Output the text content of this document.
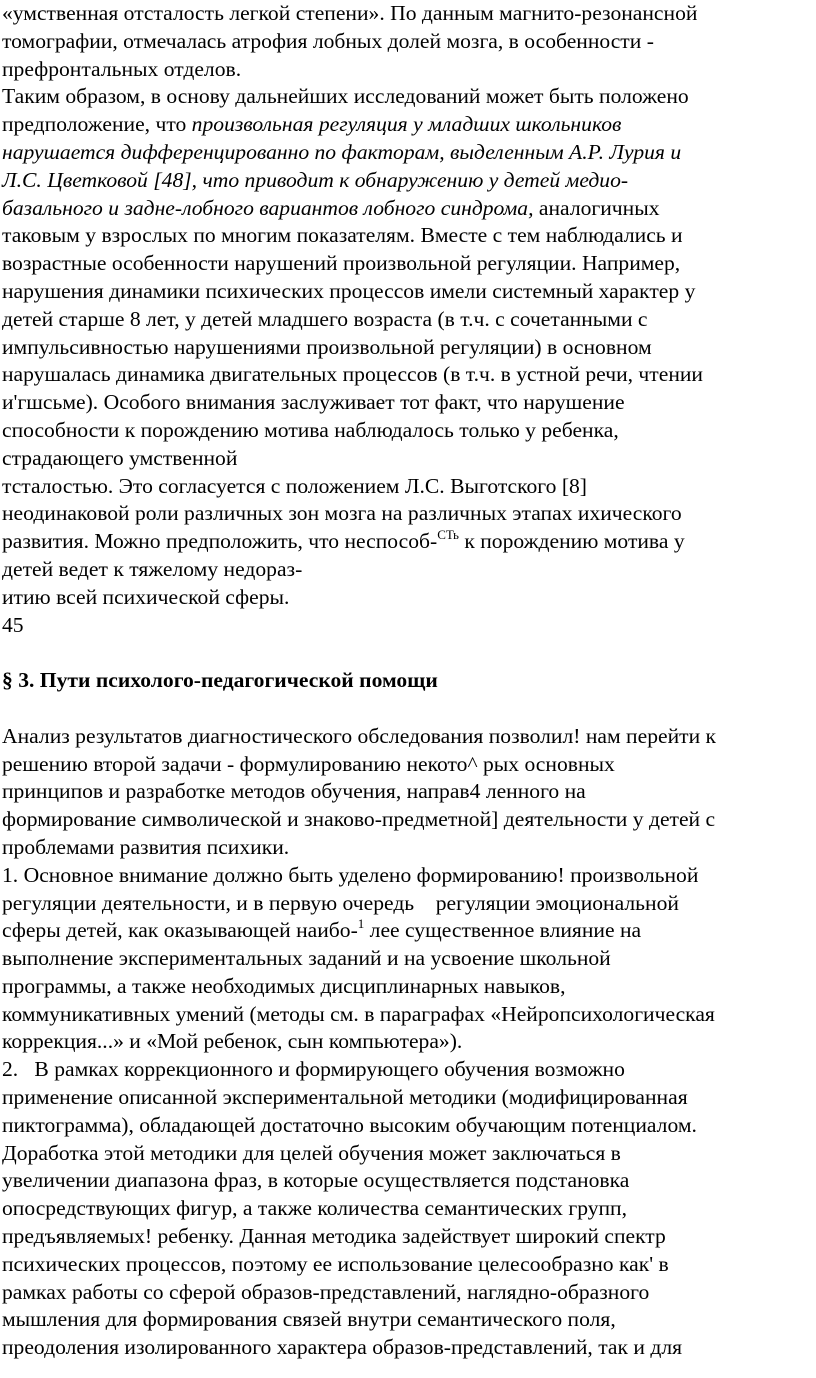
«умственная отсталость легкой степени». По данным магнито-резонансной
томографии, отмечалась атрофия лобных долей мозга, в особенности -
префронтальных отделов.
Таким образом, в основу дальнейших исследований может быть положено
предположение, что произвольная регуляция у младших школьников
нарушается дифференцированно по факторам, выделенным А.Р. Лурия и
Л.С. Цветковой [48], что приводит к обнаружению у детей медио-
базального и задне-лобного вариантов лобного синдрома, аналогичных
таковым у взрослых по многим показателям. Вместе с тем наблюдались и
возрастные особенности нарушений произвольной регуляции. Например,
нарушения динамики психических процессов имели системный характер у
детей старше 8 лет, у детей младшего возраста (в т.ч. с сочетанными с
импульсивностью нарушениями произвольной регуляции) в основном
нарушалась динамика двигательных процессов (в т.ч. в устной речи, чтении
и'гшсьме). Особого внимания заслуживает тот факт, что нарушение
способности к порождению мотива наблюдалось только у ребенка,
страдающего умственной
тсталостью. Это согласуется с положением Л.С. Выготского [8]
неодинаковой роли различных зон мозга на различных этапах ихического
развития. Можно предположить, что неспособ-$^{СТь}$ к порождению мотива у
детей ведет к тяжелому недораз-
итию всей психической сферы.
45
§ 3. Пути психолого-педагогической помощи
Анализ результатов диагностического обследования позволил! нам перейти к
решению второй задачи - формулированию некото^ рых основных
принципов и разработке методов обучения, направ4 ленного на
формирование символической и знаково-предметной] деятельности у детей с
проблемами развития психики.
1. Основное внимание должно быть уделено формированию! произвольной
регуляции деятельности, и в первую очередь    регуляции эмоциональной
сферы детей, как оказывающей наибо-$^1$ лее существенное влияние на
выполнение экспериментальных заданий и на усвоение школьной
программы, а также необходимых дисциплинарных навыков,
коммуникативных умений (методы см. в параграфах «Нейропсихологическая
коррекция...» и «Мой ребенок, сын компьютера»).
2.   В рамках коррекционного и формирующего обучения возможно
применение описанной экспериментальной методики (модифицированная
пиктограмма), обладающей достаточно высоким обучающим потенциалом.
Доработка этой методики для целей обучения может заключаться в
увеличении диапазона фраз, в которые осуществляется подстановка
опосредствующих фигур, а также количества семантических групп,
предъявляемых! ребенку. Данная методика задействует широкий спектр
психических процессов, поэтому ее использование целесообразно как' в
рамках работы со сферой образов-представлений, наглядно-образного
мышления для формирования связей внутри семантического поля,
преодоления изолированного характера образов-представлений, так и для
